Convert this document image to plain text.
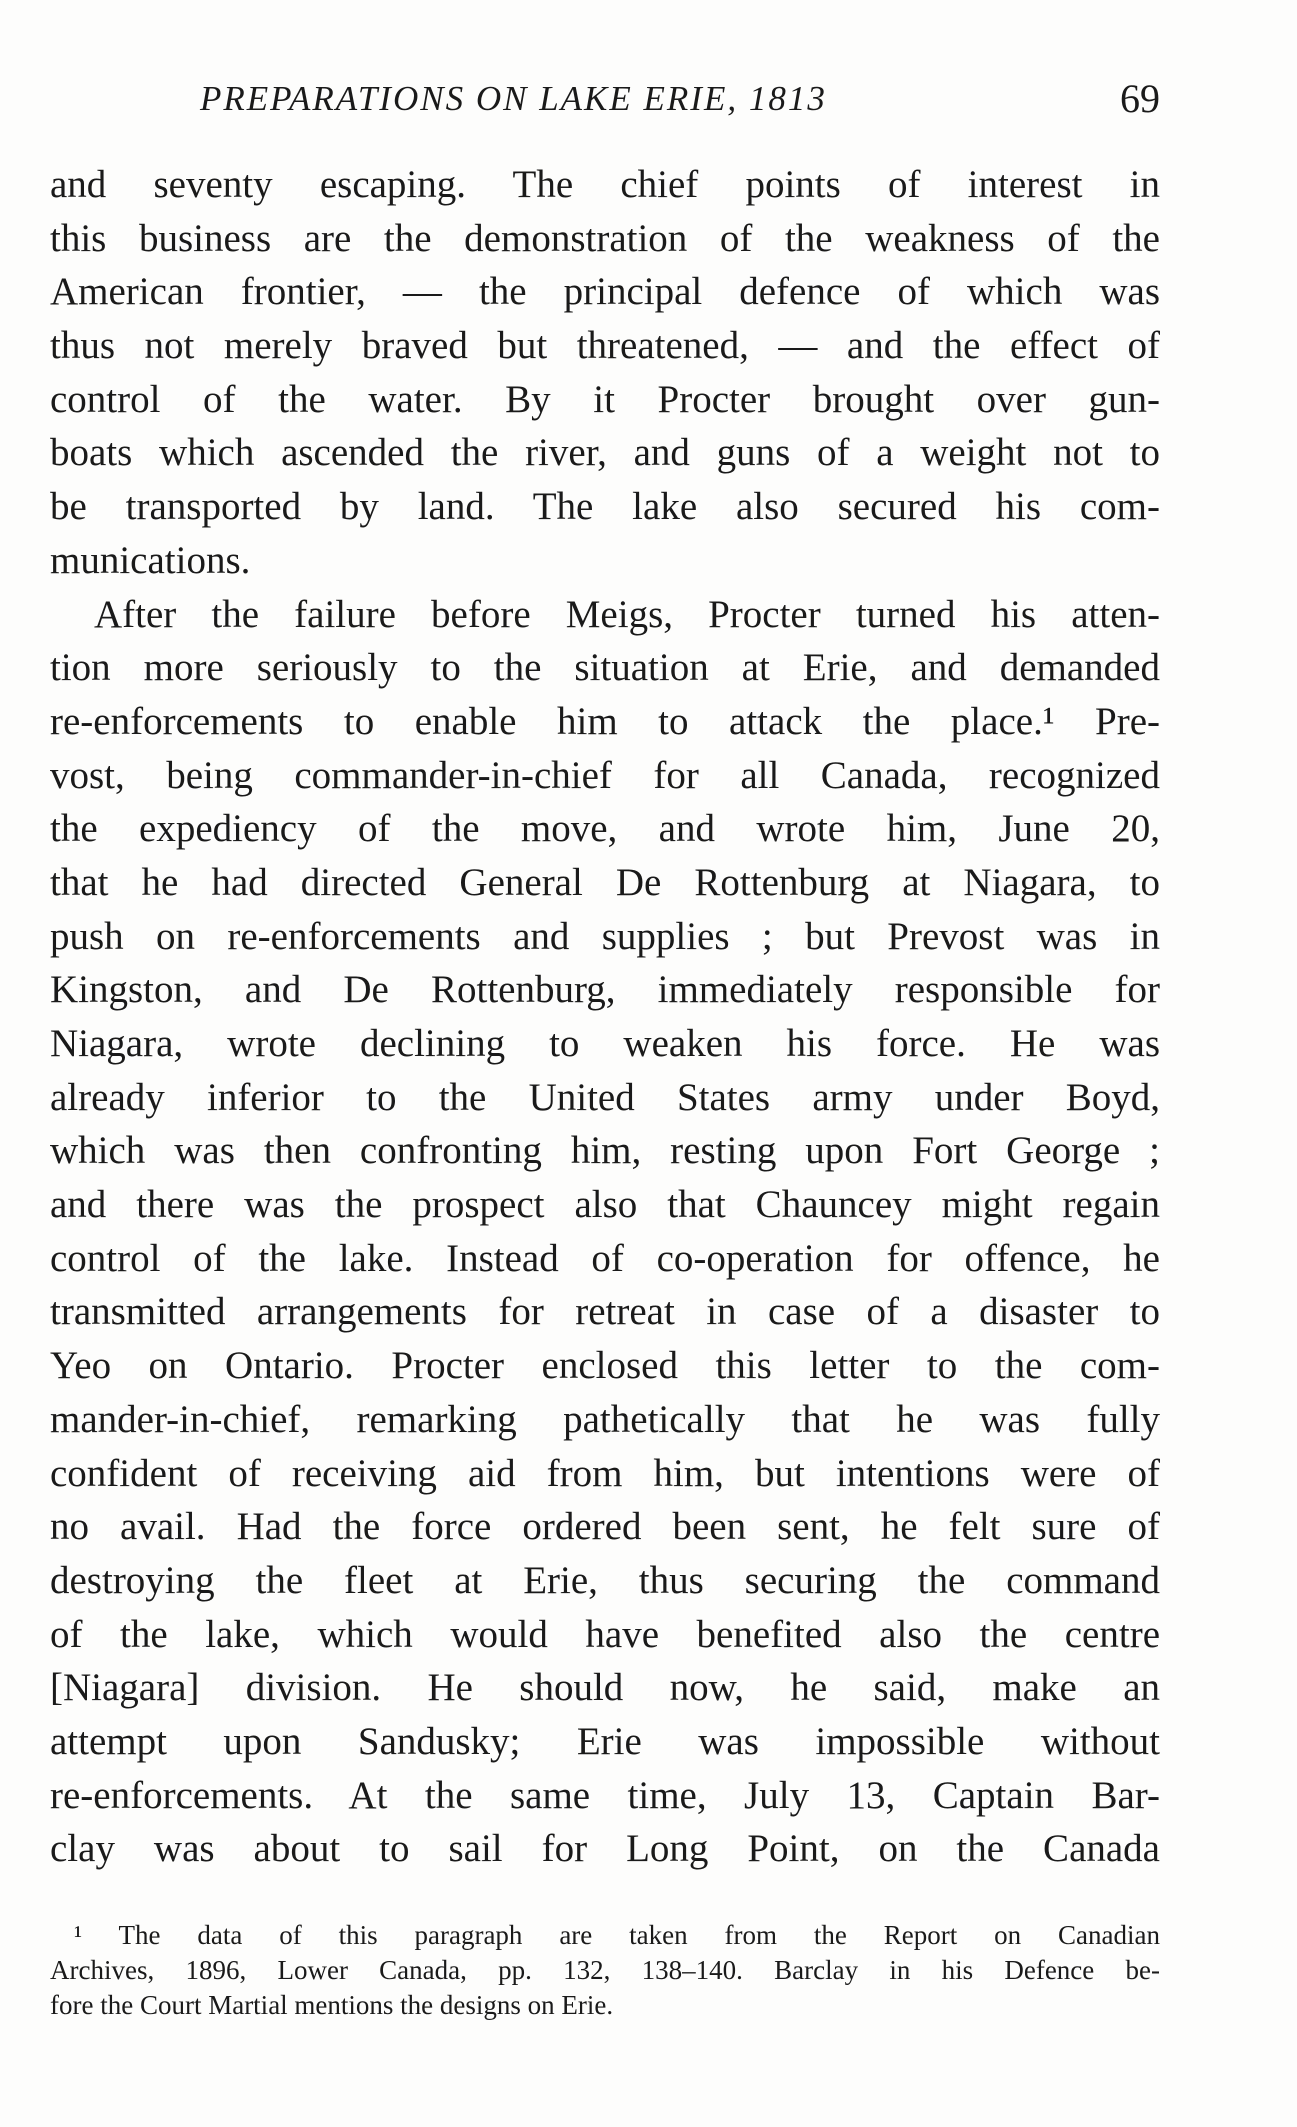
PREPARATIONS ON LAKE ERIE, 1813	69
and seventy escaping. The chief points of interest in
this business are the demonstration of the weakness of the
American frontier, — the principal defence of which was
thus not merely braved but threatened, — and the effect of
control of the water. By it Procter brought over gun-
boats which ascended the river, and guns of a weight not to
be transported by land. The lake also secured his com-
munications.
After the failure before Meigs, Procter turned his atten-
tion more seriously to the situation at Erie, and demanded
re-enforcements to enable him to attack the place.¹ Pre-
vost, being commander-in-chief for all Canada, recognized
the expediency of the move, and wrote him, June 20,
that he had directed General De Rottenburg at Niagara, to
push on re-enforcements and supplies ; but Prevost was in
Kingston, and De Rottenburg, immediately responsible for
Niagara, wrote declining to weaken his force. He was
already inferior to the United States army under Boyd,
which was then confronting him, resting upon Fort George ;
and there was the prospect also that Chauncey might regain
control of the lake. Instead of co-operation for offence, he
transmitted arrangements for retreat in case of a disaster to
Yeo on Ontario. Procter enclosed this letter to the com-
mander-in-chief, remarking pathetically that he was fully
confident of receiving aid from him, but intentions were of
no avail. Had the force ordered been sent, he felt sure of
destroying the fleet at Erie, thus securing the command
of the lake, which would have benefited also the centre
[Niagara] division. He should now, he said, make an
attempt upon Sandusky; Erie was impossible without
re-enforcements. At the same time, July 13, Captain Bar-
clay was about to sail for Long Point, on the Canada
¹ The data of this paragraph are taken from the Report on Canadian
Archives, 1896, Lower Canada, pp. 132, 138–140. Barclay in his Defence be-
fore the Court Martial mentions the designs on Erie.
